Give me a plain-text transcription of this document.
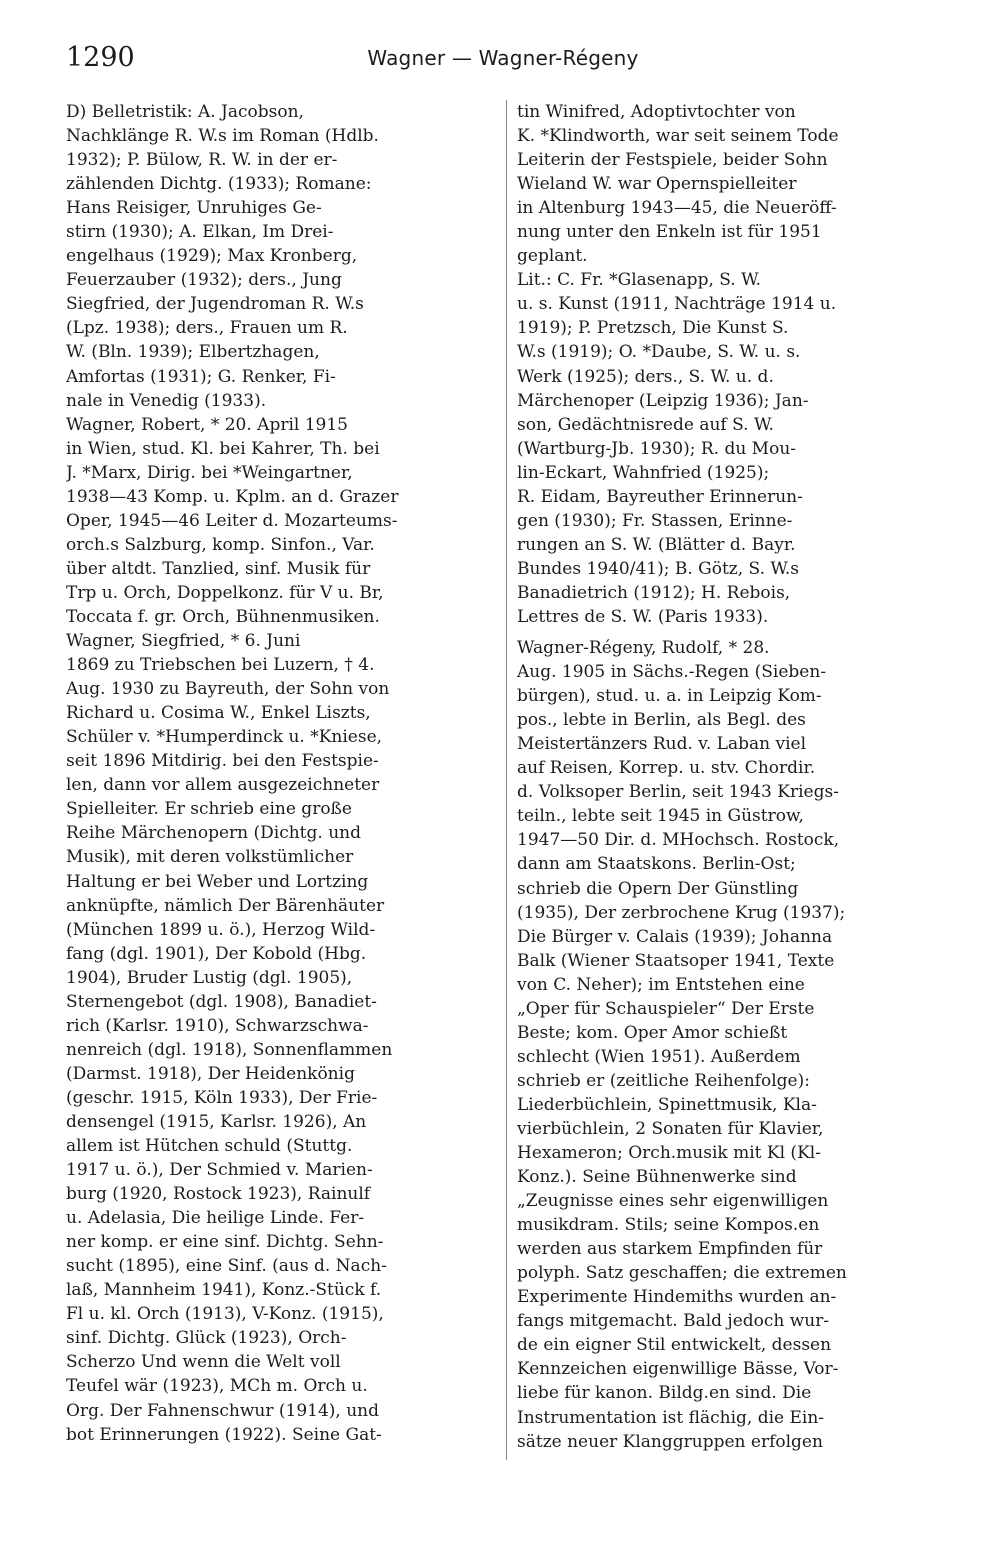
1290	Wagner — Wagner-Régeny
D) Belletristik: A. Jacobson,
Nachklänge R. W.s im Roman (Hdlb.
1932); P. Bülow, R. W. in der er-
zählenden Dichtg. (1933); Romane:
Hans Reisiger, Unruhiges Ge-
stirn (1930); A. Elkan, Im Drei-
engelhaus (1929); Max Kronberg,
Feuerzauber (1932); ders., Jung
Siegfried, der Jugendroman R. W.s
(Lpz. 1938); ders., Frauen um R.
W. (Bln. 1939); Elbertzhagen,
Amfortas (1931); G. Renker, Fi-
nale in Venedig (1933).
Wagner, Robert, * 20. April 1915
in Wien, stud. Kl. bei Kahrer, Th. bei
J. *Marx, Dirig. bei *Weingartner,
1938—43 Komp. u. Kplm. an d. Grazer
Oper, 1945—46 Leiter d. Mozarteums-
orch.s Salzburg, komp. Sinfon., Var.
über altdt. Tanzlied, sinf. Musik für
Trp u. Orch, Doppelkonz. für V u. Br,
Toccata f. gr. Orch, Bühnenmusiken.
Wagner, Siegfried, * 6. Juni
1869 zu Triebschen bei Luzern, † 4.
Aug. 1930 zu Bayreuth, der Sohn von
Richard u. Cosima W., Enkel Liszts,
Schüler v. *Humperdinck u. *Kniese,
seit 1896 Mitdirig. bei den Festspie-
len, dann vor allem ausgezeichneter
Spielleiter. Er schrieb eine große
Reihe Märchenopern (Dichtg. und
Musik), mit deren volkstümlicher
Haltung er bei Weber und Lortzing
anknüpfte, nämlich Der Bärenhäuter
(München 1899 u. ö.), Herzog Wild-
fang (dgl. 1901), Der Kobold (Hbg.
1904), Bruder Lustig (dgl. 1905),
Sternengebot (dgl. 1908), Banadiet-
rich (Karlsr. 1910), Schwarzschwa-
nenreich (dgl. 1918), Sonnenflammen
(Darmst. 1918), Der Heidenkönig
(geschr. 1915, Köln 1933), Der Frie-
densengel (1915, Karlsr. 1926), An
allem ist Hütchen schuld (Stuttg.
1917 u. ö.), Der Schmied v. Marien-
burg (1920, Rostock 1923), Rainulf
u. Adelasia, Die heilige Linde. Fer-
ner komp. er eine sinf. Dichtg. Sehn-
sucht (1895), eine Sinf. (aus d. Nach-
laß, Mannheim 1941), Konz.-Stück f.
Fl u. kl. Orch (1913), V-Konz. (1915),
sinf. Dichtg. Glück (1923), Orch-
Scherzo Und wenn die Welt voll
Teufel wär (1923), MCh m. Orch u.
Org. Der Fahnenschwur (1914), und
bot Erinnerungen (1922). Seine Gat-
tin Winifred, Adoptivtochter von
K. *Klindworth, war seit seinem Tode
Leiterin der Festspiele, beider Sohn
Wieland W. war Opernspielleiter
in Altenburg 1943—45, die Neueröff-
nung unter den Enkeln ist für 1951
geplant.
Lit.: C. Fr. *Glasenapp, S. W.
u. s. Kunst (1911, Nachträge 1914 u.
1919); P. Pretzsch, Die Kunst S.
W.s (1919); O. *Daube, S. W. u. s.
Werk (1925); ders., S. W. u. d.
Märchenoper (Leipzig 1936); Jan-
son, Gedächtnisrede auf S. W.
(Wartburg-Jb. 1930); R. du Mou-
lin-Eckart, Wahnfried (1925);
R. Eidam, Bayreuther Erinnerun-
gen (1930); Fr. Stassen, Erinne-
rungen an S. W. (Blätter d. Bayr.
Bundes 1940/41); B. Götz, S. W.s
Banadietrich (1912); H. Rebois,
Lettres de S. W. (Paris 1933).
Wagner-Régeny, Rudolf, * 28.
Aug. 1905 in Sächs.-Regen (Sieben-
bürgen), stud. u. a. in Leipzig Kom-
pos., lebte in Berlin, als Begl. des
Meistertänzers Rud. v. Laban viel
auf Reisen, Korrep. u. stv. Chordir.
d. Volksoper Berlin, seit 1943 Kriegs-
teiln., lebte seit 1945 in Güstrow,
1947—50 Dir. d. MHochsch. Rostock,
dann am Staatskons. Berlin-Ost;
schrieb die Opern Der Günstling
(1935), Der zerbrochene Krug (1937);
Die Bürger v. Calais (1939); Johanna
Balk (Wiener Staatsoper 1941, Texte
von C. Neher); im Entstehen eine
„Oper für Schauspieler“ Der Erste
Beste; kom. Oper Amor schießt
schlecht (Wien 1951). Außerdem
schrieb er (zeitliche Reihenfolge):
Liederbüchlein, Spinettmusik, Kla-
vierbüchlein, 2 Sonaten für Klavier,
Hexameron; Orch.musik mit Kl (Kl-
Konz.). Seine Bühnenwerke sind
„Zeugnisse eines sehr eigenwilligen
musikdram. Stils; seine Kompos.en
werden aus starkem Empfinden für
polyph. Satz geschaffen; die extremen
Experimente Hindemiths wurden an-
fangs mitgemacht. Bald jedoch wur-
de ein eigner Stil entwickelt, dessen
Kennzeichen eigenwillige Bässe, Vor-
liebe für kanon. Bildg.en sind. Die
Instrumentation ist flächig, die Ein-
sätze neuer Klanggruppen erfolgen
